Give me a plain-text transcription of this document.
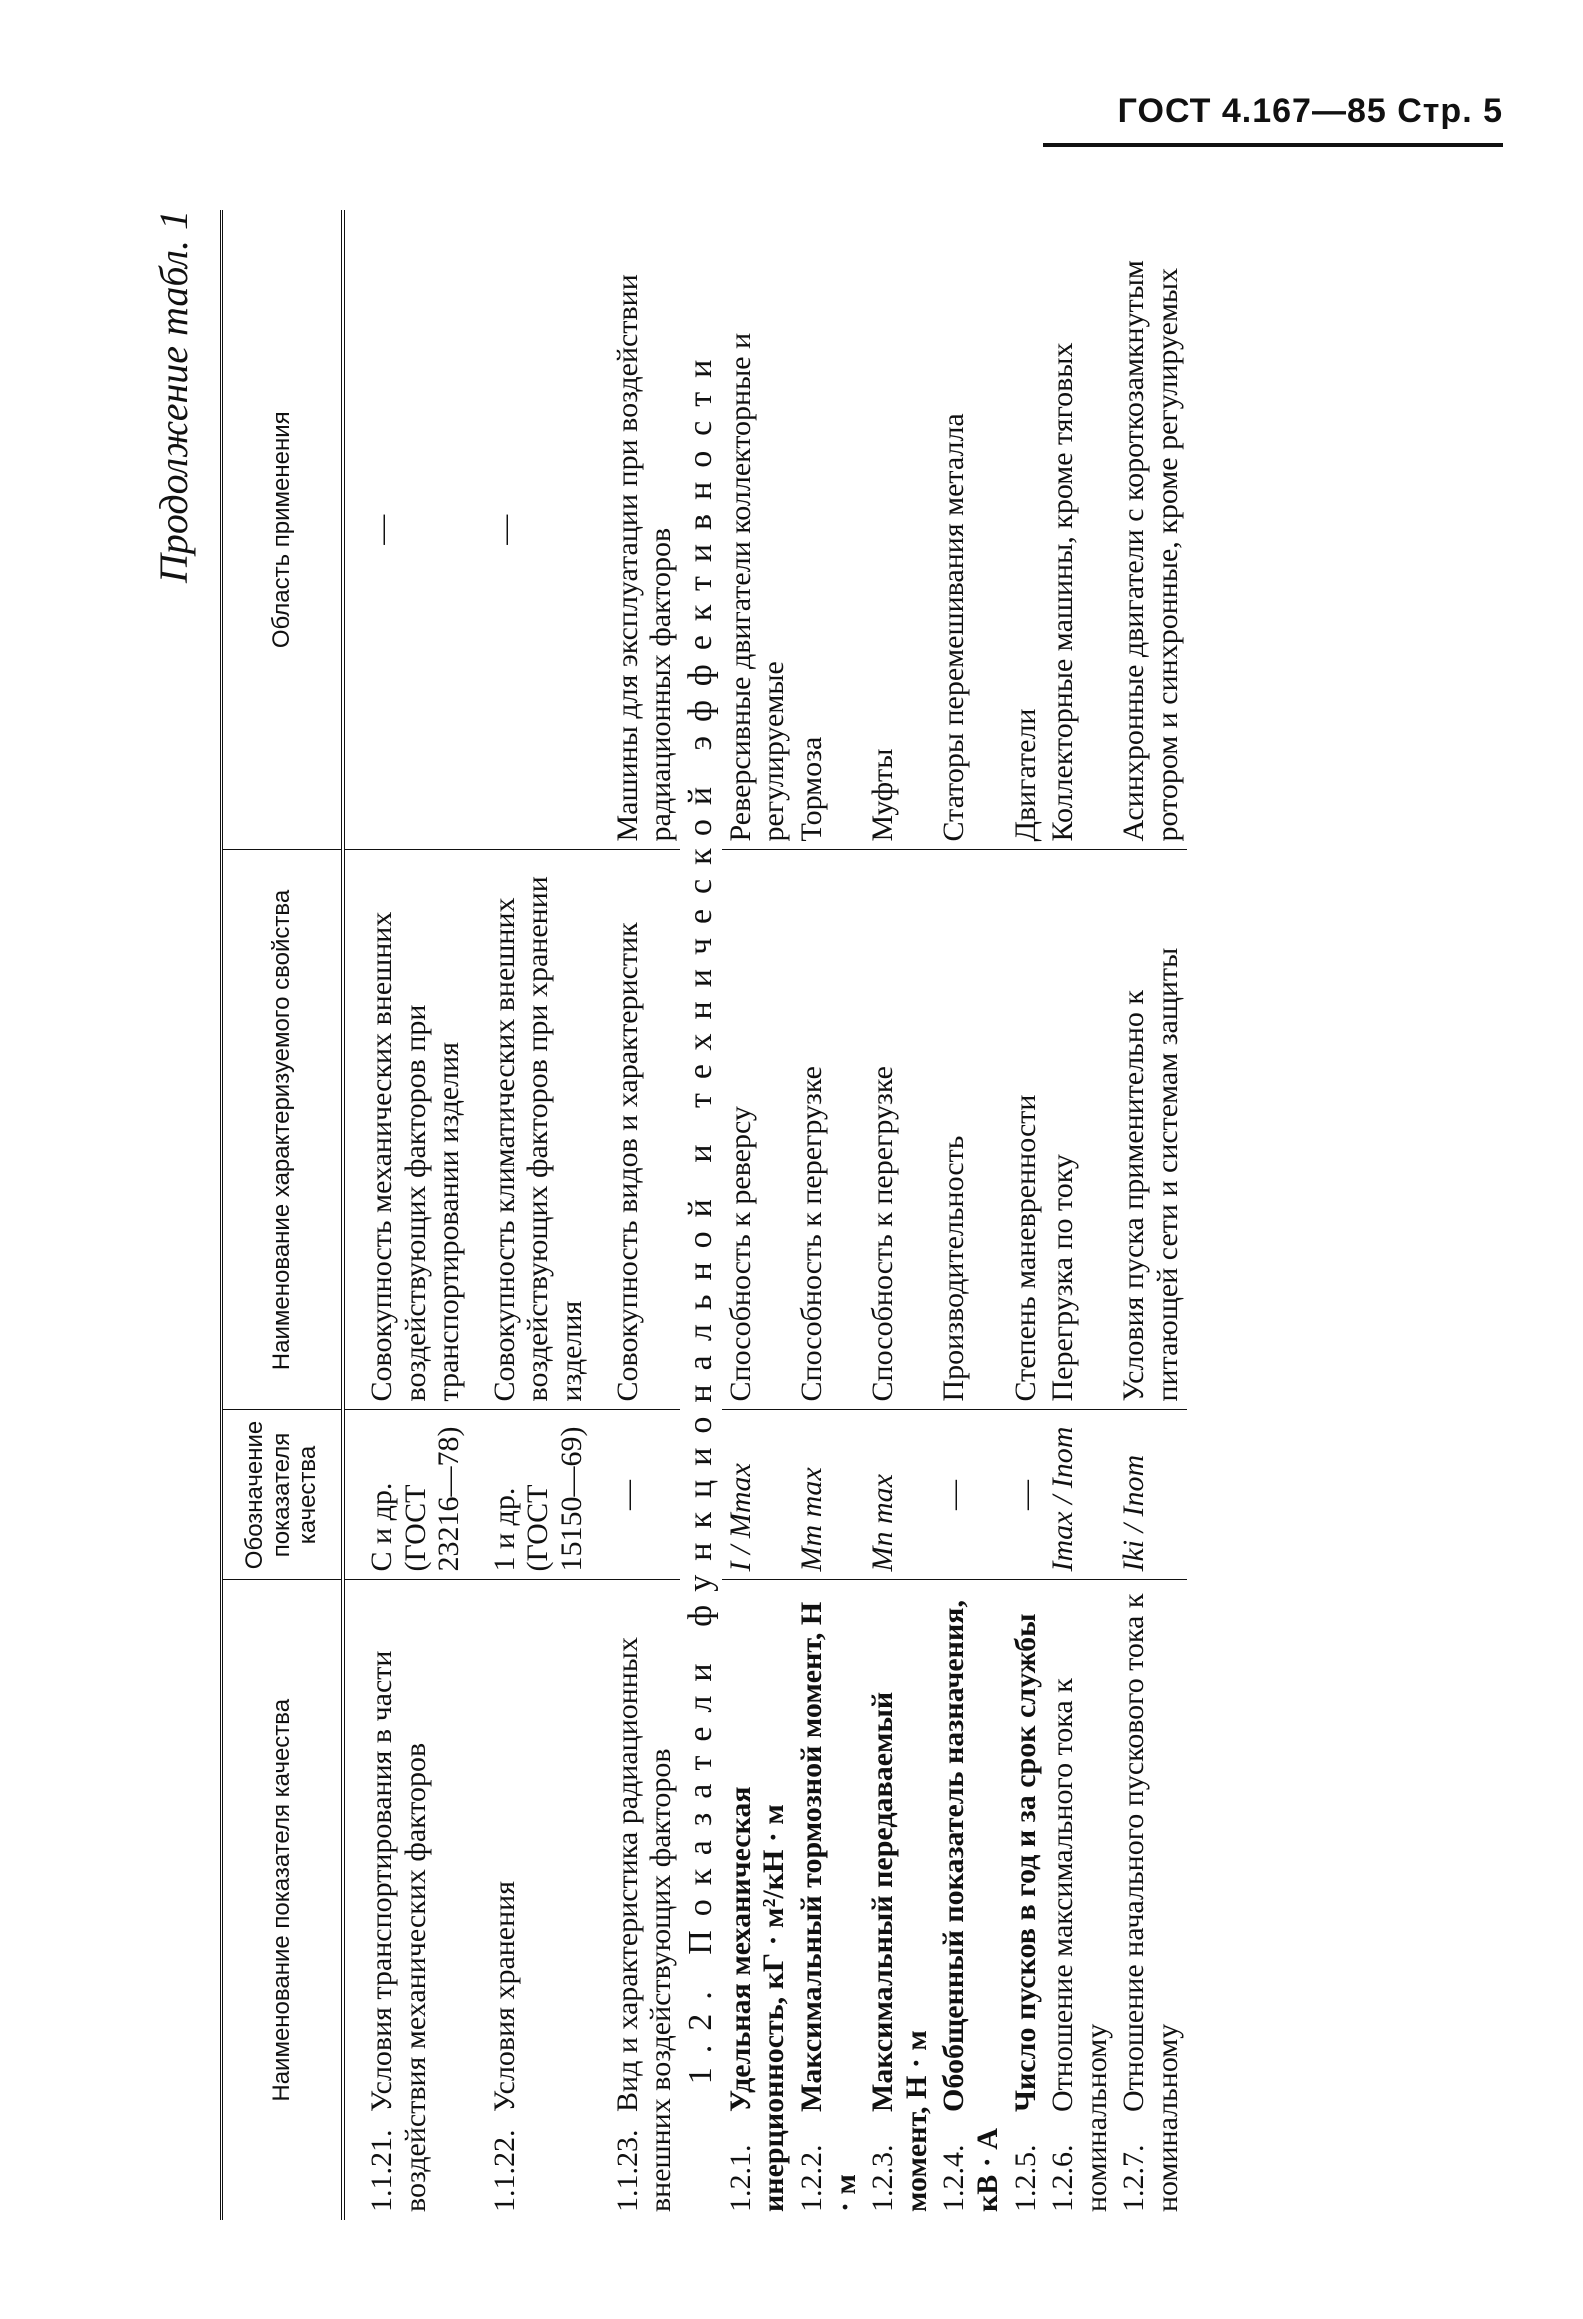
ГОСТ 4.167—85 Стр. 5
Продолжение табл. 1
Наименование показателя качества	Обозначение показателя качества	Наименование характеризуемого свойства	Область применения

1.1.21.Условия транспортирования в части воздействия механических факторов	С и др. (ГОСТ 23216—78)	Совокупность механических внешних воздействующих факторов при транспортировании изделия	—

1.1.22.Условия хранения	1 и др. (ГОСТ 15150—69)	Совокупность климатических внешних воздействующих факторов при хранении изделия	—

1.1.23.Вид и характеристика радиационных внешних воздействующих факторов	—	Совокупность видов и характеристик	Машины для эксплуатации при воздействии радиационных факторов
1.2. Показатели функциональной и технической эффективности			
1.2.1.Удельная механическая инерционность, кГ · м²/кН · м	I / Mmax	Способность к реверсу	Реверсивные двигатели коллекторные и регулируемые
1.2.2.Максимальный тормозной момент, Н · м	Mт max	Способность к перегрузке	Тормоза
1.2.3.Максимальный передаваемый момент, Н · м	Mп max	Способность к перегрузке	Муфты
1.2.4.Обобщенный показатель назначения, кВ · А	—	Производительность	Статоры перемешивания металла
1.2.5.Число пусков в год и за срок службы	—	Степень маневренности	Двигатели
1.2.6.Отношение максимального тока к номинальному	Imax / Inom	Перегрузка по току	Коллекторные машины, кроме тяговых
1.2.7.Отношение начального пускового тока к номинальному	Iki / Inom	Условия пуска применительно к питающей сети и системам защиты	Асинхронные двигатели с короткозамкнутым ротором и синхронные, кроме регулируемых
